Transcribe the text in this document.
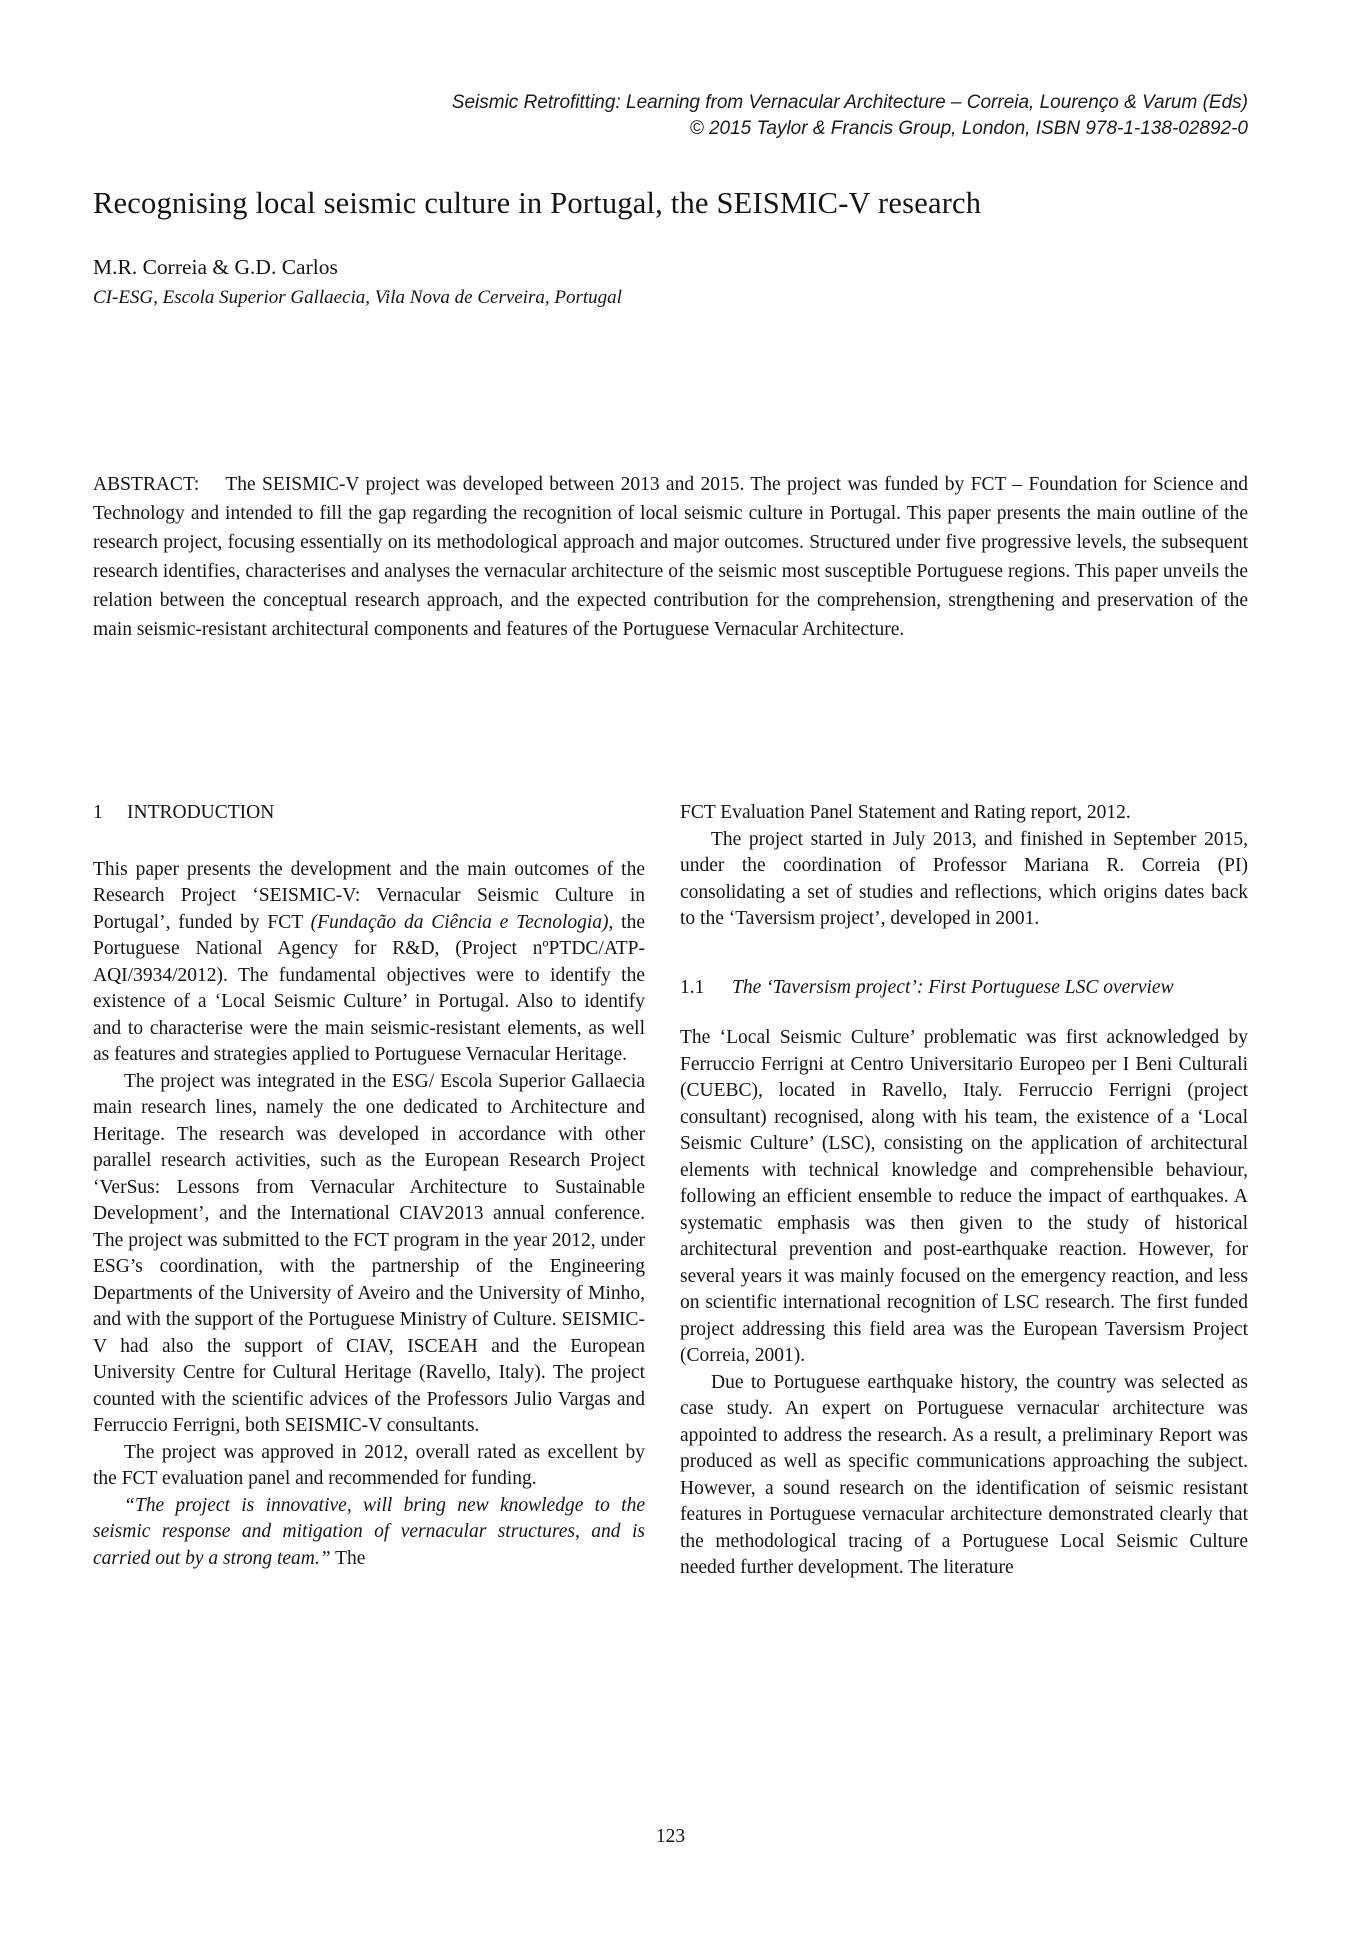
Seismic Retrofitting: Learning from Vernacular Architecture – Correia, Lourenço & Varum (Eds)
© 2015 Taylor & Francis Group, London, ISBN 978-1-138-02892-0
Recognising local seismic culture in Portugal, the SEISMIC-V research
M.R. Correia & G.D. Carlos
CI-ESG, Escola Superior Gallaecia, Vila Nova de Cerveira, Portugal

ABSTRACT: The SEISMIC-V project was developed between 2013 and 2015. The project was funded by FCT – Foundation for Science and Technology and intended to fill the gap regarding the recognition of local seismic culture in Portugal. This paper presents the main outline of the research project, focusing essentially on its methodological approach and major outcomes. Structured under five progressive levels, the subsequent research identifies, characterises and analyses the vernacular architecture of the seismic most susceptible Portuguese regions. This paper unveils the relation between the conceptual research approach, and the expected contribution for the comprehension, strengthening and preservation of the main seismic-resistant architectural components and features of the Portuguese Vernacular Architecture.

1	INTRODUCTION

This paper presents the development and the main outcomes of the Research Project ‘SEISMIC-V: Vernacular Seismic Culture in Portugal’, funded by FCT (Fundação da Ciência e Tecnologia), the Portuguese National Agency for R&D, (Project nºPTDC/ATP-AQI/3934/2012). The fundamental objectives were to identify the existence of a ‘Local Seismic Culture’ in Portugal. Also to identify and to characterise were the main seismic-resistant elements, as well as features and strategies applied to Portuguese Vernacular Heritage.

The project was integrated in the ESG/ Escola Superior Gallaecia main research lines, namely the one dedicated to Architecture and Heritage. The research was developed in accordance with other parallel research activities, such as the European Research Project ‘VerSus: Lessons from Vernacular Architecture to Sustainable Development’, and the International CIAV2013 annual conference. The project was submitted to the FCT program in the year 2012, under ESG’s coordination, with the partnership of the Engineering Departments of the University of Aveiro and the University of Minho, and with the support of the Portuguese Ministry of Culture. SEISMIC-V had also the support of CIAV, ISCEAH and the European University Centre for Cultural Heritage (Ravello, Italy). The project counted with the scientific advices of the Professors Julio Vargas and Ferruccio Ferrigni, both SEISMIC-V consultants.

The project was approved in 2012, overall rated as excellent by the FCT evaluation panel and recommended for funding.

“The project is innovative, will bring new knowledge to the seismic response and mitigation of vernacular structures, and is carried out by a strong team.” The

FCT Evaluation Panel Statement and Rating report, 2012.

The project started in July 2013, and finished in September 2015, under the coordination of Professor Mariana R. Correia (PI) consolidating a set of studies and reflections, which origins dates back to the ‘Taversism project’, developed in 2001.

1.1	The ‘Taversism project’: First Portuguese LSC overview

The ‘Local Seismic Culture’ problematic was first acknowledged by Ferruccio Ferrigni at Centro Universitario Europeo per I Beni Culturali (CUEBC), located in Ravello, Italy. Ferruccio Ferrigni (project consultant) recognised, along with his team, the existence of a ‘Local Seismic Culture’ (LSC), consisting on the application of architectural elements with technical knowledge and comprehensible behaviour, following an efficient ensemble to reduce the impact of earthquakes. A systematic emphasis was then given to the study of historical architectural prevention and post-earthquake reaction. However, for several years it was mainly focused on the emergency reaction, and less on scientific international recognition of LSC research. The first funded project addressing this field area was the European Taversism Project (Correia, 2001).

Due to Portuguese earthquake history, the country was selected as case study. An expert on Portuguese vernacular architecture was appointed to address the research. As a result, a preliminary Report was produced as well as specific communications approaching the subject. However, a sound research on the identification of seismic resistant features in Portuguese vernacular architecture demonstrated clearly that the methodological tracing of a Portuguese Local Seismic Culture needed further development. The literature

123
